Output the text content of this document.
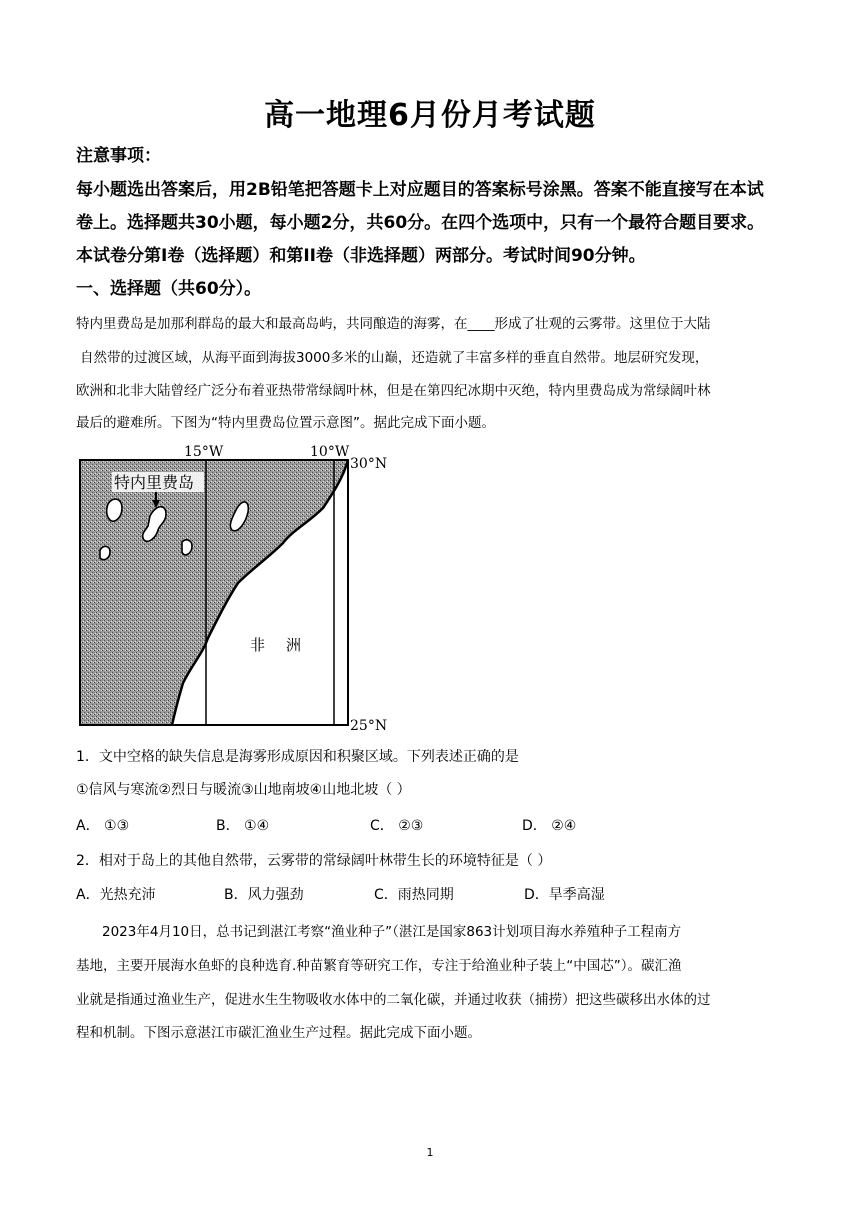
高一地理6月份月考试题
注意事项：
每小题选出答案后，用2B铅笔把答题卡上对应题目的答案标号涂黑。答案不能直接写在本试
卷上。选择题共30小题，每小题2分，共60分。在四个选项中，只有一个最符合题目要求。
本试卷分第Ⅰ卷（选择题）和第II卷（非选择题）两部分。考试时间90分钟。
一、选择题（共60分）。
特内里费岛是加那利群岛的最大和最高岛屿，共同酿造的海雾，在____形成了壮观的云雾带。这里位于大陆
自然带的过渡区域，从海平面到海拔3000多米的山巅，还造就了丰富多样的垂直自然带。地层研究发现，
欧洲和北非大陆曾经广泛分布着亚热带常绿阔叶林，但是在第四纪冰期中灭绝，特内里费岛成为常绿阔叶林
最后的避难所。下图为“特内里费岛位置示意图”。据此完成下面小题。
15°W	10°W
30°N
25°N
特内里费岛
非 洲
1．文中空格的缺失信息是海雾形成原因和积聚区域。下列表述正确的是
①信风与寒流②烈日与暖流③山地南坡④山地北坡（ ）
A． ①③	B． ①④	C． ②③	D． ②④
2．相对于岛上的其他自然带，云雾带的常绿阔叶林带生长的环境特征是（ ）
A．光热充沛	B．风力强劲	C．雨热同期	D．旱季高湿
2023年4月10日，总书记到湛江考察“渔业种子”（湛江是国家863计划项目海水养殖种子工程南方
基地，主要开展海水鱼虾的良种选育.种苗繁育等研究工作，专注于给渔业种子装上“中国芯”）。碳汇渔
业就是指通过渔业生产，促进水生生物吸收水体中的二氧化碳，并通过收获（捕捞）把这些碳移出水体的过
程和机制。下图示意湛江市碳汇渔业生产过程。据此完成下面小题。
1
